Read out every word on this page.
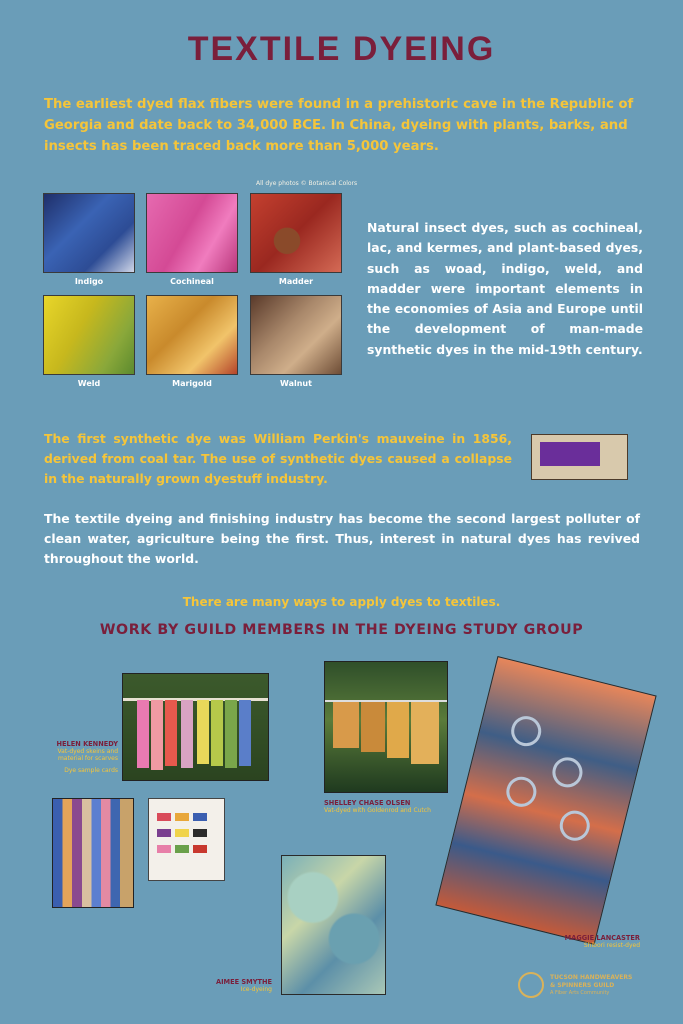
TEXTILE DYEING
The earliest dyed flax fibers were found in a prehistoric cave in the Republic of Georgia and date back to 34,000 BCE. In China, dyeing with plants, barks, and insects has been traced back more than 5,000 years.
All dye photos © Botanical Colors
Indigo	Cochineal	Madder
Weld	Marigold	Walnut
Natural insect dyes, such as cochineal, lac, and kermes, and plant-based dyes, such as woad, indigo, weld, and madder were important elements in the economies of Asia and Europe until the development of man-made synthetic dyes in the mid-19th century.
The first synthetic dye was William Perkin's mauveine in 1856, derived from coal tar. The use of synthetic dyes caused a collapse in the naturally grown dyestuff industry.
The textile dyeing and finishing industry has become the second largest polluter of clean water, agriculture being the first. Thus, interest in natural dyes has revived throughout the world.
There are many ways to apply dyes to textiles.
WORK BY GUILD MEMBERS IN THE DYEING STUDY GROUP
HELEN KENNEDY
Vat-dyed skeins and material for scarves
Dye sample cards
SHELLEY CHASE OLSEN
Vat-dyed with Goldenrod and Cutch
MAGGIE LANCASTER
Shibori resist-dyed
AIMEE SMYTHE
Ice-dyeing
TUCSON HANDWEAVERS
& SPINNERS GUILD
A Fiber Arts Community
